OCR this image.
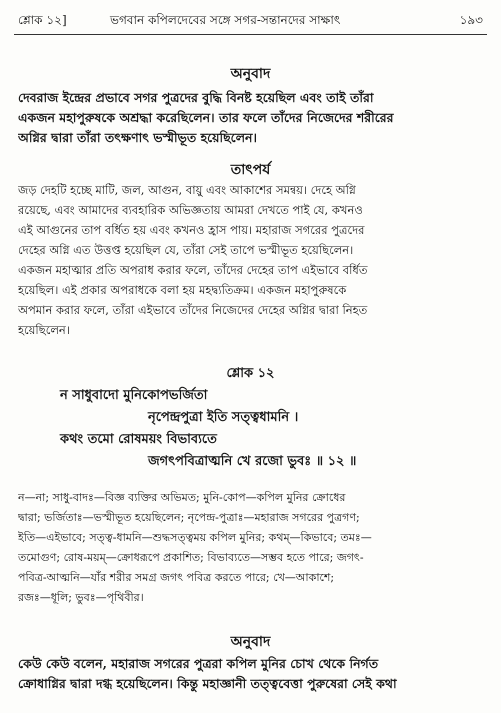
শ্লোক ১২]	ভগবান কপিলদেবের সঙ্গে সগর-সন্তানদের সাক্ষাৎ	১৯৩
অনুবাদ

দেবরাজ ইন্দ্রের প্রভাবে সগর পুত্রদের বুদ্ধি বিনষ্ট হয়েছিল এবং তাই তাঁরা

একজন মহাপুরুষকে অশ্রদ্ধা করেছিলেন। তার ফলে তাঁদের নিজেদের শরীরের

অগ্নির দ্বারা তাঁরা তৎক্ষণাৎ ভস্মীভূত হয়েছিলেন।

তাৎপর্য

জড় দেহটি হচ্ছে মাটি, জল, আগুন, বায়ু এবং আকাশের সমন্বয়। দেহে অগ্নি

রয়েছে, এবং আমাদের ব্যবহারিক অভিজ্ঞতায় আমরা দেখতে পাই যে, কখনও

এই আগুনের তাপ বর্ধিত হয় এবং কখনও হ্রাস পায়। মহারাজ সগরের পুত্রদের

দেহের অগ্নি এত উত্তপ্ত হয়েছিল যে, তাঁরা সেই তাপে ভস্মীভূত হয়েছিলেন।

একজন মহাত্মার প্রতি অপরাধ করার ফলে, তাঁদের দেহের তাপ এইভাবে বর্ধিত

হয়েছিল। এই প্রকার অপরাধকে বলা হয় মহদ্ব্যতিক্রম। একজন মহাপুরুষকে

অপমান করার ফলে, তাঁরা এইভাবে তাঁদের নিজেদের দেহের অগ্নির দ্বারা নিহত

হয়েছিলেন।

শ্লোক ১২
ন সাধুবাদো মুনিকোপভর্জিতা
নৃপেন্দ্রপুত্রা ইতি সত্ত্বধামনি ।
কথং তমো রোষময়ং বিভাব্যতে
জগৎপবিত্রাত্মনি খে রজো ভুবঃ ॥ ১২ ॥

ন—না; সাধু-বাদঃ—বিজ্ঞ ব্যক্তির অভিমত; মুনি-কোপ—কপিল মুনির ক্রোধের

দ্বারা; ভর্জিতাঃ—ভস্মীভূত হয়েছিলেন; নৃপেন্দ্র-পুত্রাঃ—মহারাজ সগরের পুত্রগণ;

ইতি—এইভাবে; সত্ত্ব-ধামনি—শুদ্ধসত্ত্বময় কপিল মুনির; কথম্—কিভাবে; তমঃ—

তমোগুণ; রোষ-ময়ম্—ক্রোধরূপে প্রকাশিত; বিভাব্যতে—সম্ভব হতে পারে; জগৎ-

পবিত্র-আত্মনি—যাঁর শরীর সমগ্র জগৎ পবিত্র করতে পারে; খে—আকাশে;

রজঃ—ধূলি; ভুবঃ—পৃথিবীর।

অনুবাদ

কেউ কেউ বলেন, মহারাজ সগরের পুত্ররা কপিল মুনির চোখ থেকে নির্গত

ক্রোধাগ্নির দ্বারা দগ্ধ হয়েছিলেন। কিন্তু মহাজ্ঞানী তত্ত্ববেত্তা পুরুষেরা সেই কথা
